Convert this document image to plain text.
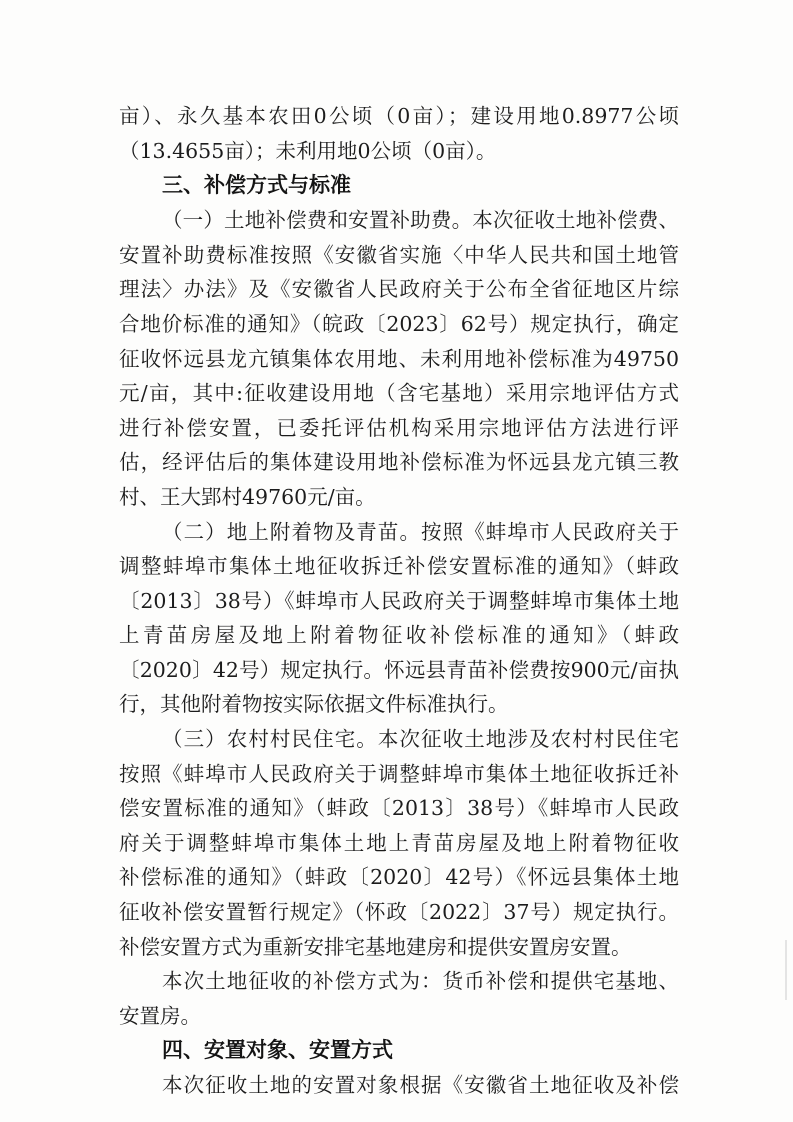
亩）、永久基本农田0公顷（0亩）；建设用地0.8977公顷
（13.4655亩）；未利用地0公顷（0亩）。
三、补偿方式与标准
（一）土地补偿费和安置补助费。本次征收土地补偿费、
安置补助费标准按照《安徽省实施〈中华人民共和国土地管
理法〉办法》及《安徽省人民政府关于公布全省征地区片综
合地价标准的通知》（皖政〔2023〕62号）规定执行，确定
征收怀远县龙亢镇集体农用地、未利用地补偿标准为49750
元/亩，其中:征收建设用地（含宅基地）采用宗地评估方式
进行补偿安置，已委托评估机构采用宗地评估方法进行评
估，经评估后的集体建设用地补偿标准为怀远县龙亢镇三教
村、王大郢村49760元/亩。
（二）地上附着物及青苗。按照《蚌埠市人民政府关于
调整蚌埠市集体土地征收拆迁补偿安置标准的通知》（蚌政
〔2013〕38号）《蚌埠市人民政府关于调整蚌埠市集体土地
上青苗房屋及地上附着物征收补偿标准的通知》（蚌政
〔2020〕42号）规定执行。怀远县青苗补偿费按900元/亩执
行，其他附着物按实际依据文件标准执行。
（三）农村村民住宅。本次征收土地涉及农村村民住宅
按照《蚌埠市人民政府关于调整蚌埠市集体土地征收拆迁补
偿安置标准的通知》（蚌政〔2013〕38号）《蚌埠市人民政
府关于调整蚌埠市集体土地上青苗房屋及地上附着物征收
补偿标准的通知》（蚌政〔2020〕42号）《怀远县集体土地
征收补偿安置暂行规定》（怀政〔2022〕37号）规定执行。
补偿安置方式为重新安排宅基地建房和提供安置房安置。
本次土地征收的补偿方式为：货币补偿和提供宅基地、
安置房。
四、安置对象、安置方式
本次征收土地的安置对象根据《安徽省土地征收及补偿
